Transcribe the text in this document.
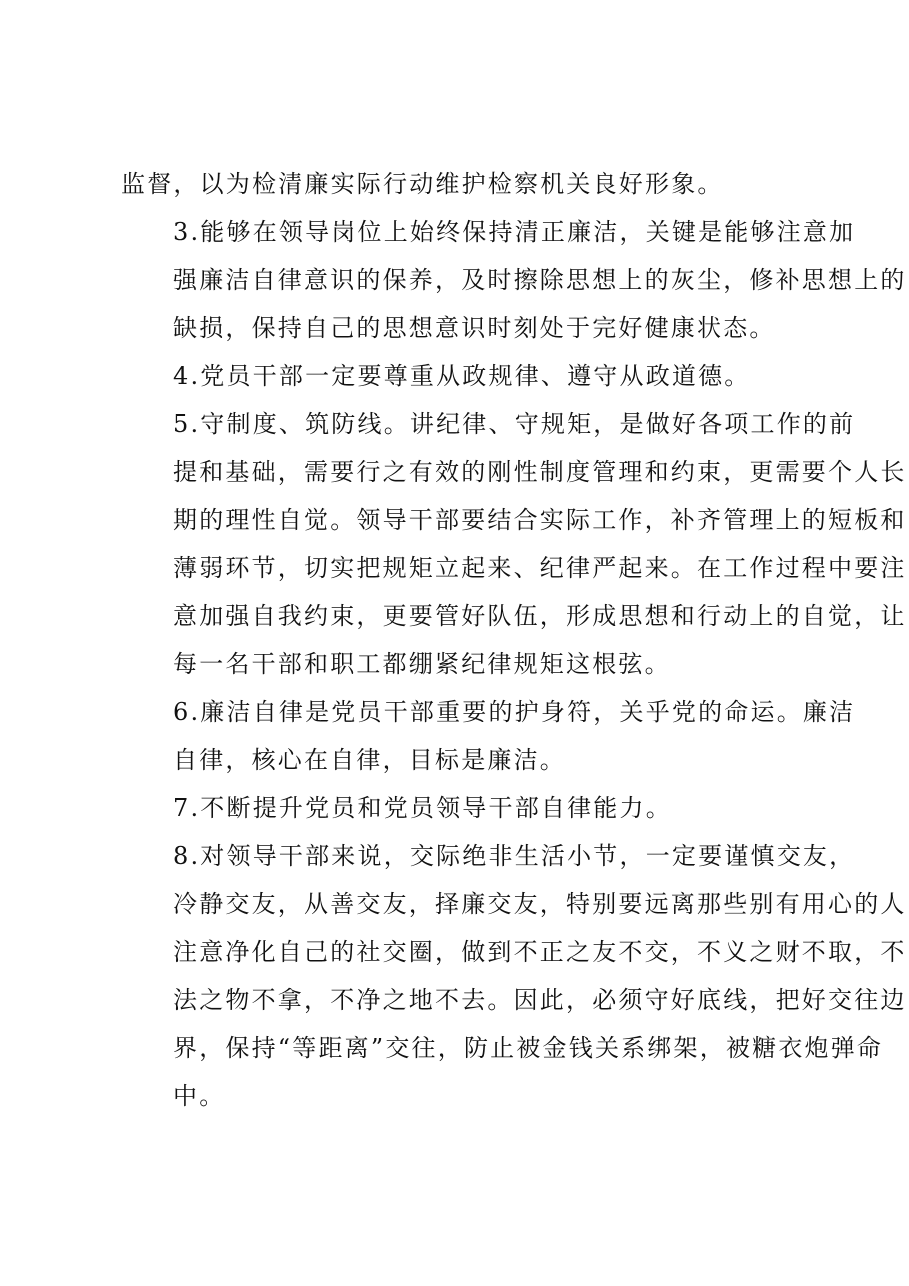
监督，以为检清廉实际行动维护检察机关良好形象。

3.能够在领导岗位上始终保持清正廉洁，关键是能够注意加
强廉洁自律意识的保养，及时擦除思想上的灰尘，修补思想上的
缺损，保持自己的思想意识时刻处于完好健康状态。

4.党员干部一定要尊重从政规律、遵守从政道德。

5.守制度、筑防线。讲纪律、守规矩，是做好各项工作的前
提和基础，需要行之有效的刚性制度管理和约束，更需要个人长
期的理性自觉。领导干部要结合实际工作，补齐管理上的短板和
薄弱环节，切实把规矩立起来、纪律严起来。在工作过程中要注
意加强自我约束，更要管好队伍，形成思想和行动上的自觉，让
每一名干部和职工都绷紧纪律规矩这根弦。

6.廉洁自律是党员干部重要的护身符，关乎党的命运。廉洁
自律，核心在自律，目标是廉洁。

7.不断提升党员和党员领导干部自律能力。

8.对领导干部来说，交际绝非生活小节，一定要谨慎交友，
冷静交友，从善交友，择廉交友，特别要远离那些别有用心的人
注意净化自己的社交圈，做到不正之友不交，不义之财不取，不
法之物不拿，不净之地不去。因此，必须守好底线，把好交往边
界，保持“等距离”交往，防止被金钱关系绑架，被糖衣炮弹命
中。
